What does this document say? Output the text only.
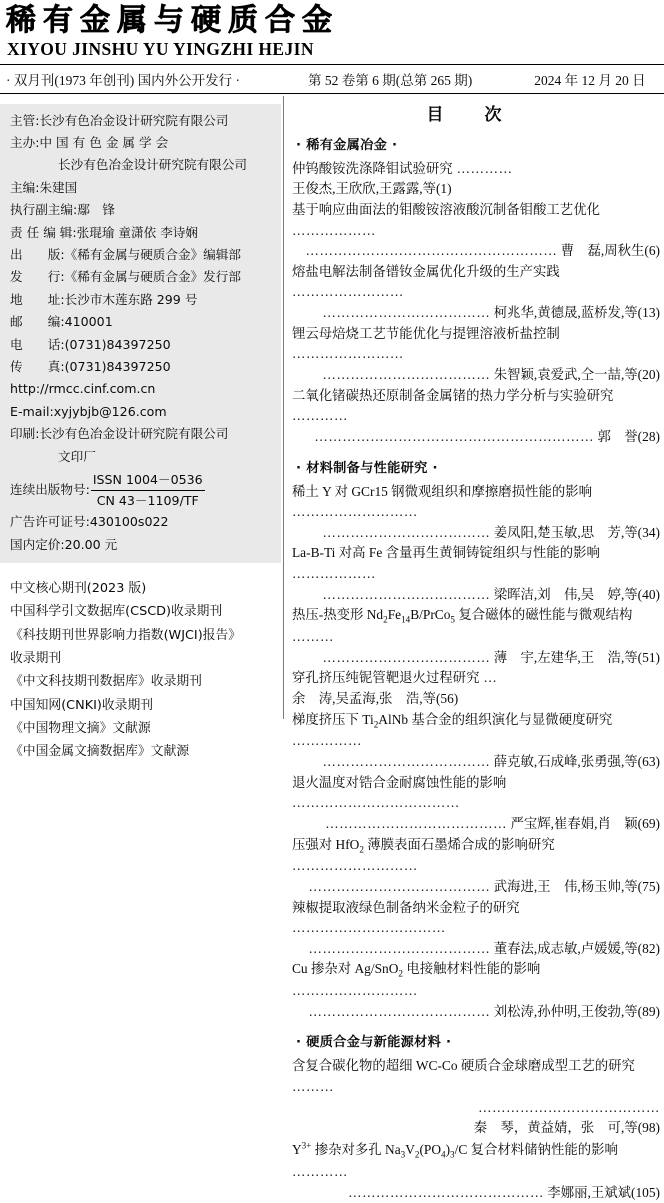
稀有金属与硬质合金
XIYOU JINSHU YU YINGZHI HEJIN
· 双月刊(1973 年创刊) 国内外公开发行 ·	第 52 卷第 6 期(总第 265 期)	2024 年 12 月 20 日
主管: 长沙有色冶金设计研究院有限公司
主办: 中 国 有 色 金 属 学 会
长沙有色冶金设计研究院有限公司
主编: 朱建国
执行副主编: 鄢　锋
责 任 编 辑: 张琨瑜 童潇依 李诗娴
出　　版: 《稀有金属与硬质合金》编辑部
发　　行: 《稀有金属与硬质合金》发行部
地　　址: 长沙市木莲东路 299 号
邮　　编: 410001
电　　话: (0731)84397250
传　　真: (0731)84397250
http://rmcc.cinf.com.cn
E-mail:xyjybjb@126.com
印刷: 长沙有色冶金设计研究院有限公司
文印厂
连续出版物号: $\frac{\text{ISSN 1004－0536}}{CN 43-1109/TF}$
广告许可证号: 430100s022
国内定价: 20.00 元
中文核心期刊(2023 版)
中国科学引文数据库(CSCD)收录期刊
《科技期刊世界影响力指数(WJCI)报告》
收录期刊
《中文科技期刊数据库》收录期刊
中国知网(CNKI)收录期刊
《中国物理文摘》文献源
《中国金属文摘数据库》文献源
目　次
· 稀有金属冶金 ·
仲钨酸铵洗涤降钼试验研究 ………… 王俊杰,王欣欣,王露露,等(1)
基于响应曲面法的钼酸铵溶液酸沉制备钼酸工艺优化 ………………
……………………………………………… 曹　磊,周秋生(6)
熔盐电解法制备镨钕金属优化升级的生产实践 ……………………
……………………………… 柯兆华,黄德晟,蓝桥发,等(13)
锂云母焙烧工艺节能优化与提锂溶液析盐控制 ……………………
……………………………… 朱智颖,袁爱武,仝一喆,等(20)
二氧化锗碳热还原制备金属锗的热力学分析与实验研究 …………
…………………………………………………… 郭　誉(28)
· 材料制备与性能研究 ·
稀土 Y 对 GCr15 钢微观组织和摩擦磨损性能的影响 ………………………
……………………………… 姜凤阳,楚玉敏,思　芳,等(34)
La-B-Ti 对高 Fe 含量再生黄铜铸锭组织与性能的影响 ………………
……………………………… 梁晖洁,刘　伟,吴　婷,等(40)
热压-热变形 $Nd_2Fe_{14}B/PrCo_5$ 复合磁体的磁性能与微观结构 ………
……………………………… 薄　宇,左建华,王　浩,等(51)
穿孔挤压纯铌管靶退火过程研究 … 余　涛,吴孟海,张　浩,等(56)
梯度挤压下 $Ti_2AlNb$ 基合金的组织演化与显微硬度研究 ……………
……………………………… 薛克敏,石成峰,张勇强,等(63)
退火温度对锆合金耐腐蚀性能的影响 ………………………………
………………………………… 严宝辉,崔春娟,肖　颖(69)
压强对 HfO$_2$ 薄膜表面石墨烯合成的影响研究 ………………………
………………………………… 武海进,王　伟,杨玉帅,等(75)
辣椒提取液绿色制备纳米金粒子的研究 ……………………………
………………………………… 董春法,成志敏,卢媛媛,等(82)
Cu 掺杂对 Ag/SnO$_2$ 电接触材料性能的影响 ………………………
………………………………… 刘松涛,孙仲明,王俊勃,等(89)
· 硬质合金与新能源材料 ·
含复合碳化物的超细 WC-Co 硬质合金球磨成型工艺的研究 ………
………………………………… 秦　琴，黄益婧，张　可,等(98)
$Y^{3+}$ 掺杂对多孔 $Na_3V_2(PO_4)_3/C$ 复合材料储钠性能的影响 …………
…………………………………… 李娜丽,王斌斌(105)
